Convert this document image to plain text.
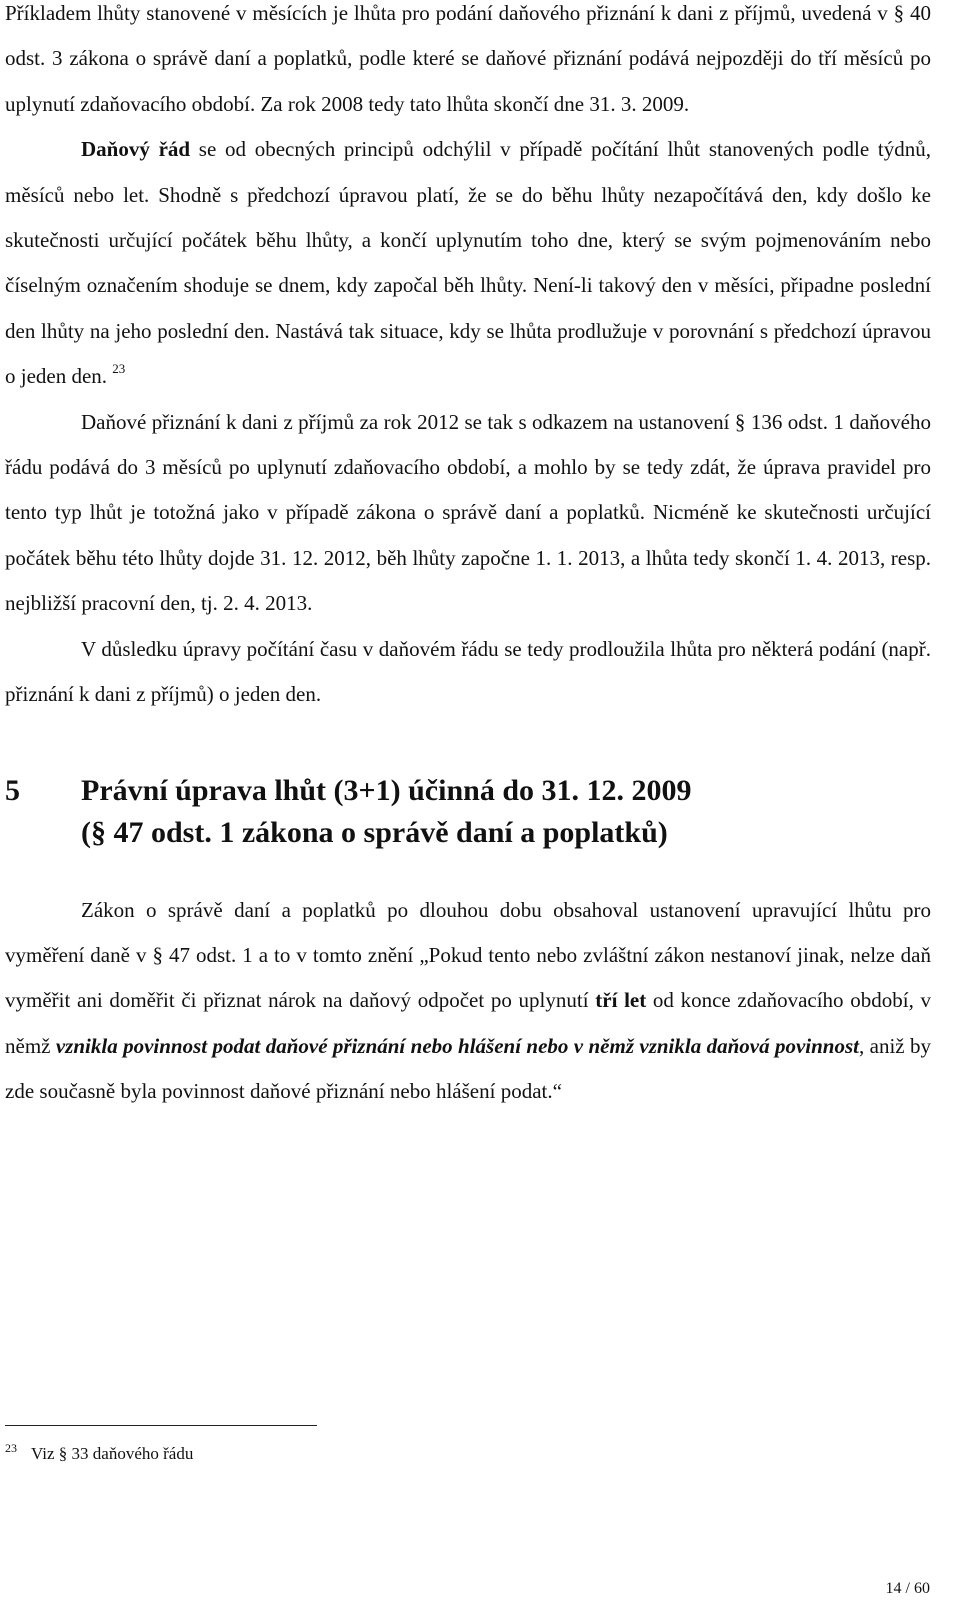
Příkladem lhůty stanovené v měsících je lhůta pro podání daňového přiznání k dani z příjmů, uvedená v § 40 odst. 3 zákona o správě daní a poplatků, podle které se daňové přiznání podává nejpozději do tří měsíců po uplynutí zdaňovacího období. Za rok 2008 tedy tato lhůta skončí dne 31. 3. 2009.

Daňový řád se od obecných principů odchýlil v případě počítání lhůt stanovených podle týdnů, měsíců nebo let. Shodně s předchozí úpravou platí, že se do běhu lhůty nezapočítává den, kdy došlo ke skutečnosti určující počátek běhu lhůty, a končí uplynutím toho dne, který se svým pojmenováním nebo číselným označením shoduje se dnem, kdy započal běh lhůty. Není-li takový den v měsíci, připadne poslední den lhůty na jeho poslední den. Nastává tak situace, kdy se lhůta prodlužuje v porovnání s předchozí úpravou o jeden den. $^{23}$

Daňové přiznání k dani z příjmů za rok 2012 se tak s odkazem na ustanovení § 136 odst. 1 daňového řádu podává do 3 měsíců po uplynutí zdaňovacího období, a mohlo by se tedy zdát, že úprava pravidel pro tento typ lhůt je totožná jako v případě zákona o správě daní a poplatků. Nicméně ke skutečnosti určující počátek běhu této lhůty dojde 31. 12. 2012, běh lhůty započne 1. 1. 2013, a lhůta tedy skončí 1. 4. 2013, resp. nejbližší pracovní den, tj. 2. 4. 2013.

V důsledku úpravy počítání času v daňovém řádu se tedy prodloužila lhůta pro některá podání (např. přiznání k dani z příjmů) o jeden den.

5 Právní úprava lhůt (3+1) účinná do 31. 12. 2009
(§ 47 odst. 1 zákona o správě daní a poplatků)

Zákon o správě daní a poplatků po dlouhou dobu obsahoval ustanovení upravující lhůtu pro vyměření daně v § 47 odst. 1 a to v tomto znění „Pokud tento nebo zvláštní zákon nestanoví jinak, nelze daň vyměřit ani doměřit či přiznat nárok na daňový odpočet po uplynutí tří let od konce zdaňovacího období, v němž vznikla povinnost podat daňové přiznání nebo hlášení nebo v němž vznikla daňová povinnost, aniž by zde současně byla povinnost daňové přiznání nebo hlášení podat.“

$^{23}$ Viz § 33 daňového řádu
14 / 60
